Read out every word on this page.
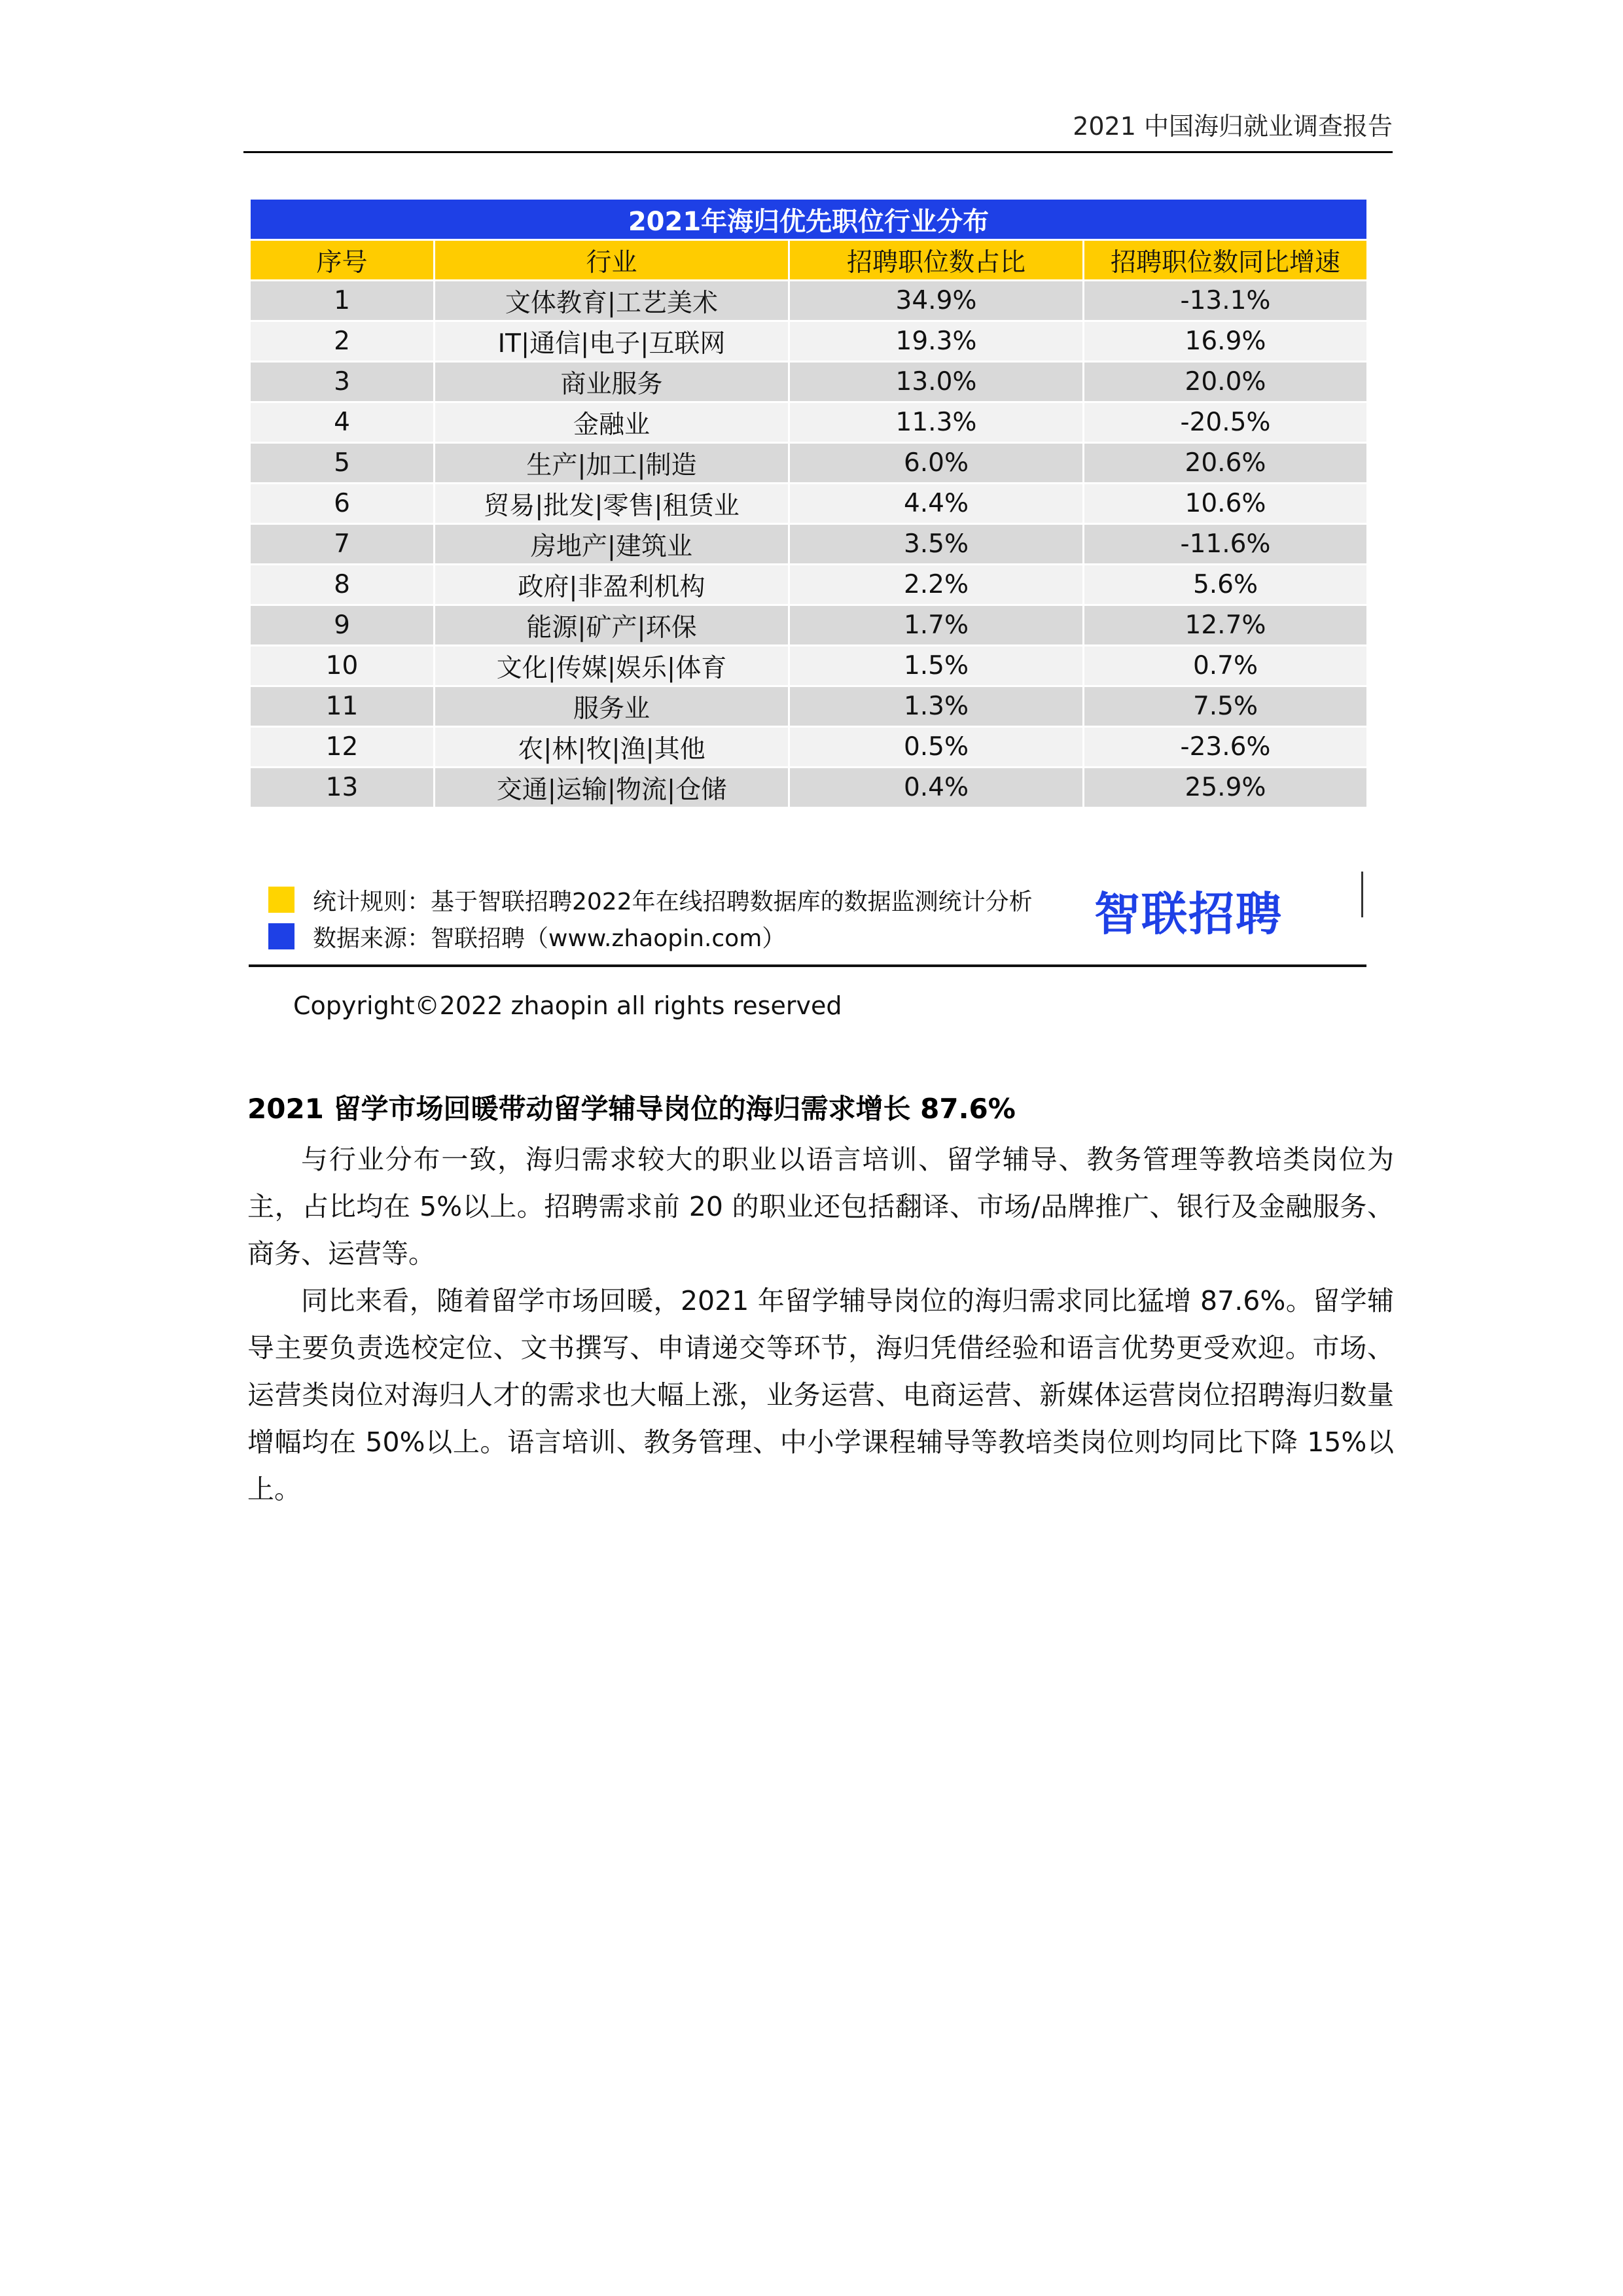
2021 中国海归就业调查报告
2021年海归优先职位行业分布			
序号	行业	招聘职位数占比	招聘职位数同比增速
1	文体教育|工艺美术	34.9%	-13.1%
2	IT|通信|电子|互联网	19.3%	16.9%
3	商业服务	13.0%	20.0%
4	金融业	11.3%	-20.5%
5	生产|加工|制造	6.0%	20.6%
6	贸易|批发|零售|租赁业	4.4%	10.6%
7	房地产|建筑业	3.5%	-11.6%
8	政府|非盈利机构	2.2%	5.6%
9	能源|矿产|环保	1.7%	12.7%
10	文化|传媒|娱乐|体育	1.5%	0.7%
11	服务业	1.3%	7.5%
12	农|林|牧|渔|其他	0.5%	-23.6%
13	交通|运输|物流|仓储	0.4%	25.9%
统计规则：基于智联招聘2022年在线招聘数据库的数据监测统计分析
数据来源：智联招聘（www.zhaopin.com）	智联招聘
Copyright©2022 zhaopin all rights reserved
2021 留学市场回暖带动留学辅导岗位的海归需求增长 87.6%

与行业分布一致，海归需求较大的职业以语言培训、留学辅导、教务管理等教培类岗位为主，占比均在 5%以上。招聘需求前 20 的职业还包括翻译、市场/品牌推广、银行及金融服务、商务、运营等。

同比来看，随着留学市场回暖，2021 年留学辅导岗位的海归需求同比猛增 87.6%。留学辅导主要负责选校定位、文书撰写、申请递交等环节，海归凭借经验和语言优势更受欢迎。市场、运营类岗位对海归人才的需求也大幅上涨，业务运营、电商运营、新媒体运营岗位招聘海归数量增幅均在 50%以上。语言培训、教务管理、中小学课程辅导等教培类岗位则均同比下降 15%以上。
